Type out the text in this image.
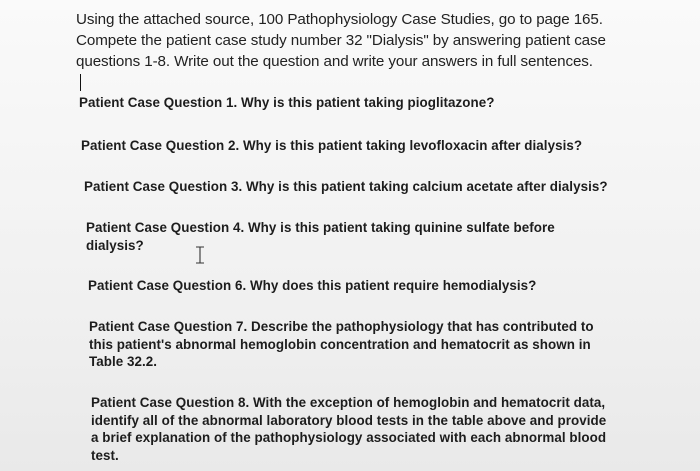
Using the attached source, 100 Pathophysiology Case Studies, go to page 165.
Compete the patient case study number 32 "Dialysis" by answering patient case
questions 1-8. Write out the question and write your answers in full sentences.
Patient Case Question 1. Why is this patient taking pioglitazone?
Patient Case Question 2. Why is this patient taking levofloxacin after dialysis?
Patient Case Question 3. Why is this patient taking calcium acetate after dialysis?
Patient Case Question 4. Why is this patient taking quinine sulfate before
dialysis?
Patient Case Question 6. Why does this patient require hemodialysis?
Patient Case Question 7. Describe the pathophysiology that has contributed to
this patient's abnormal hemoglobin concentration and hematocrit as shown in
Table 32.2.
Patient Case Question 8. With the exception of hemoglobin and hematocrit data,
identify all of the abnormal laboratory blood tests in the table above and provide
a brief explanation of the pathophysiology associated with each abnormal blood
test.
